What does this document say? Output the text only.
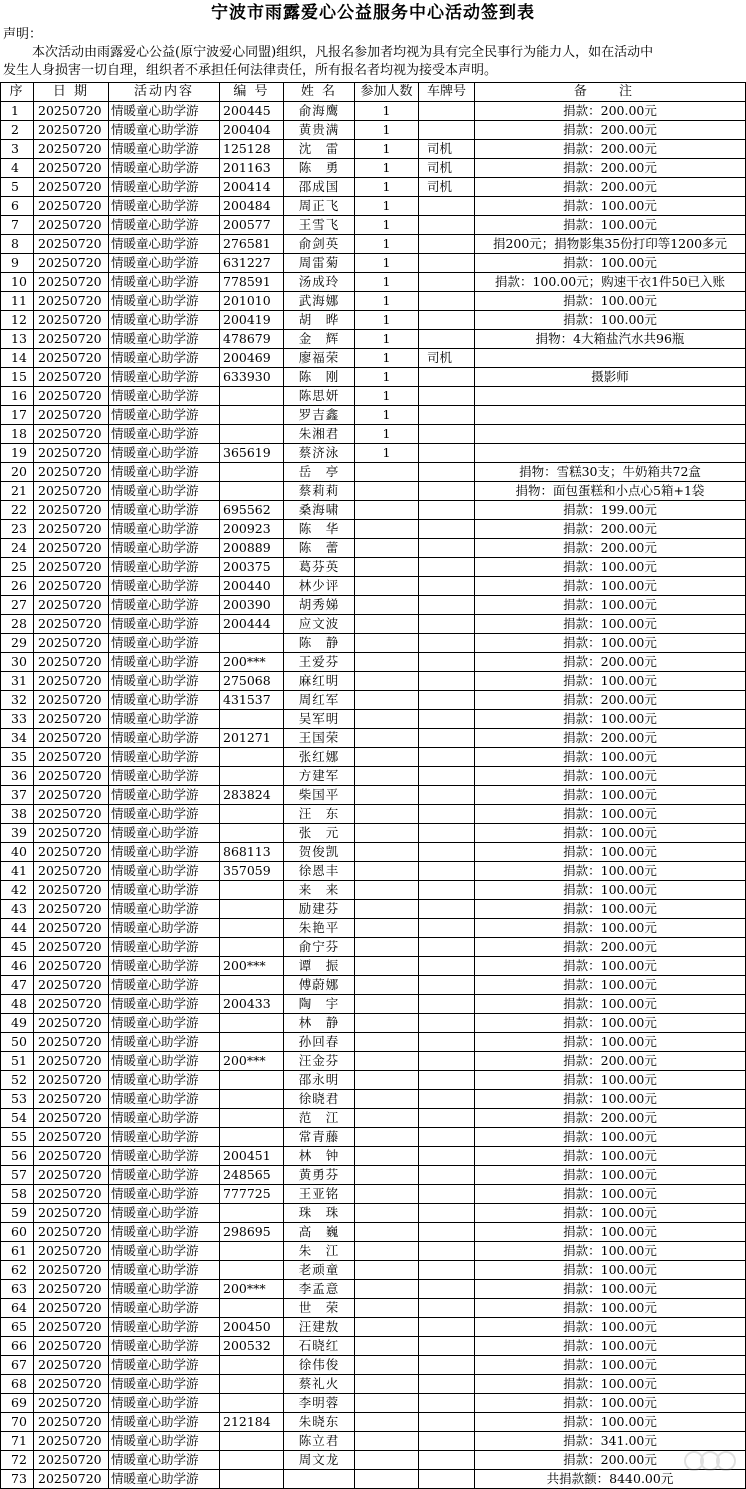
宁波市雨露爱心公益服务中心活动签到表
声明：
本次活动由雨露爱心公益(原宁波爱心同盟)组织，凡报名参加者均视为具有完全民事行为能力人，如在活动中
发生人身损害一切自理，组织者不承担任何法律责任，所有报名者均视为接受本声明。
序	日 期	活动内容	编 号	姓 名	参加人数	车牌号	备 注
1	20250720	情暖童心助学游	200445	俞海鹰	1		捐款：200.00元
2	20250720	情暖童心助学游	200404	黄贵满	1		捐款：200.00元
3	20250720	情暖童心助学游	125128	沈　雷	1	司机	捐款：200.00元
4	20250720	情暖童心助学游	201163	陈　勇	1	司机	捐款：200.00元
5	20250720	情暖童心助学游	200414	邵成国	1	司机	捐款：200.00元
6	20250720	情暖童心助学游	200484	周正飞	1		捐款：100.00元
7	20250720	情暖童心助学游	200577	王雪飞	1		捐款：100.00元
8	20250720	情暖童心助学游	276581	俞剑英	1		捐200元；捐物影集35份打印等1200多元
9	20250720	情暖童心助学游	631227	周雷菊	1		捐款：100.00元
10	20250720	情暖童心助学游	778591	汤成玲	1		捐款：100.00元；购速干衣1件50已入账
11	20250720	情暖童心助学游	201010	武海娜	1		捐款：100.00元
12	20250720	情暖童心助学游	200419	胡　晔	1		捐款：100.00元
13	20250720	情暖童心助学游	478679	金　辉	1		捐物：4大箱盐汽水共96瓶
14	20250720	情暖童心助学游	200469	廖福荣	1	司机	
15	20250720	情暖童心助学游	633930	陈　刚	1		摄影师
16	20250720	情暖童心助学游		陈思妍	1		
17	20250720	情暖童心助学游		罗吉鑫	1		
18	20250720	情暖童心助学游		朱湘君	1		
19	20250720	情暖童心助学游	365619	蔡济泳	1		
20	20250720	情暖童心助学游		岳　亭			捐物：雪糕30支；牛奶箱共72盒
21	20250720	情暖童心助学游		蔡莉莉			捐物：面包蛋糕和小点心5箱+1袋
22	20250720	情暖童心助学游	695562	桑海啸			捐款：199.00元
23	20250720	情暖童心助学游	200923	陈　华			捐款：200.00元
24	20250720	情暖童心助学游	200889	陈　蕾			捐款：200.00元
25	20250720	情暖童心助学游	200375	葛芬英			捐款：100.00元
26	20250720	情暖童心助学游	200440	林少评			捐款：100.00元
27	20250720	情暖童心助学游	200390	胡秀娣			捐款：100.00元
28	20250720	情暖童心助学游	200444	应文波			捐款：100.00元
29	20250720	情暖童心助学游		陈　静			捐款：100.00元
30	20250720	情暖童心助学游	200***	王爱芬			捐款：200.00元
31	20250720	情暖童心助学游	275068	麻红明			捐款：100.00元
32	20250720	情暖童心助学游	431537	周红军			捐款：200.00元
33	20250720	情暖童心助学游		吴军明			捐款：100.00元
34	20250720	情暖童心助学游	201271	王国荣			捐款：200.00元
35	20250720	情暖童心助学游		张红娜			捐款：100.00元
36	20250720	情暖童心助学游		方建军			捐款：100.00元
37	20250720	情暖童心助学游	283824	柴国平			捐款：100.00元
38	20250720	情暖童心助学游		汪　东			捐款：100.00元
39	20250720	情暖童心助学游		张　元			捐款：100.00元
40	20250720	情暖童心助学游	868113	贺俊凯			捐款：100.00元
41	20250720	情暖童心助学游	357059	徐恩丰			捐款：100.00元
42	20250720	情暖童心助学游		来　来			捐款：100.00元
43	20250720	情暖童心助学游		励建芬			捐款：100.00元
44	20250720	情暖童心助学游		朱艳平			捐款：100.00元
45	20250720	情暖童心助学游		俞宁芬			捐款：200.00元
46	20250720	情暖童心助学游	200***	谭　振			捐款：100.00元
47	20250720	情暖童心助学游		傅蔚娜			捐款：100.00元
48	20250720	情暖童心助学游	200433	陶　宇			捐款：100.00元
49	20250720	情暖童心助学游		林　静			捐款：100.00元
50	20250720	情暖童心助学游		孙回春			捐款：100.00元
51	20250720	情暖童心助学游	200***	汪金芬			捐款：200.00元
52	20250720	情暖童心助学游		邵永明			捐款：100.00元
53	20250720	情暖童心助学游		徐晓君			捐款：100.00元
54	20250720	情暖童心助学游		范　江			捐款：200.00元
55	20250720	情暖童心助学游		常青藤			捐款：100.00元
56	20250720	情暖童心助学游	200451	林　钟			捐款：100.00元
57	20250720	情暖童心助学游	248565	黄勇芬			捐款：100.00元
58	20250720	情暖童心助学游	777725	王亚铭			捐款：100.00元
59	20250720	情暖童心助学游		珠　珠			捐款：100.00元
60	20250720	情暖童心助学游	298695	高　巍			捐款：100.00元
61	20250720	情暖童心助学游		朱　江			捐款：100.00元
62	20250720	情暖童心助学游		老顽童			捐款：100.00元
63	20250720	情暖童心助学游	200***	李孟意			捐款：100.00元
64	20250720	情暖童心助学游		世　荣			捐款：100.00元
65	20250720	情暖童心助学游	200450	汪建敖			捐款：100.00元
66	20250720	情暖童心助学游	200532	石晓红			捐款：100.00元
67	20250720	情暖童心助学游		徐伟俊			捐款：100.00元
68	20250720	情暖童心助学游		蔡礼火			捐款：100.00元
69	20250720	情暖童心助学游		李明蓉			捐款：100.00元
70	20250720	情暖童心助学游	212184	朱晓东			捐款：100.00元
71	20250720	情暖童心助学游		陈立君			捐款：341.00元
72	20250720	情暖童心助学游		周文龙			捐款：200.00元
73	20250720	情暖童心助学游					共捐款额：8440.00元
